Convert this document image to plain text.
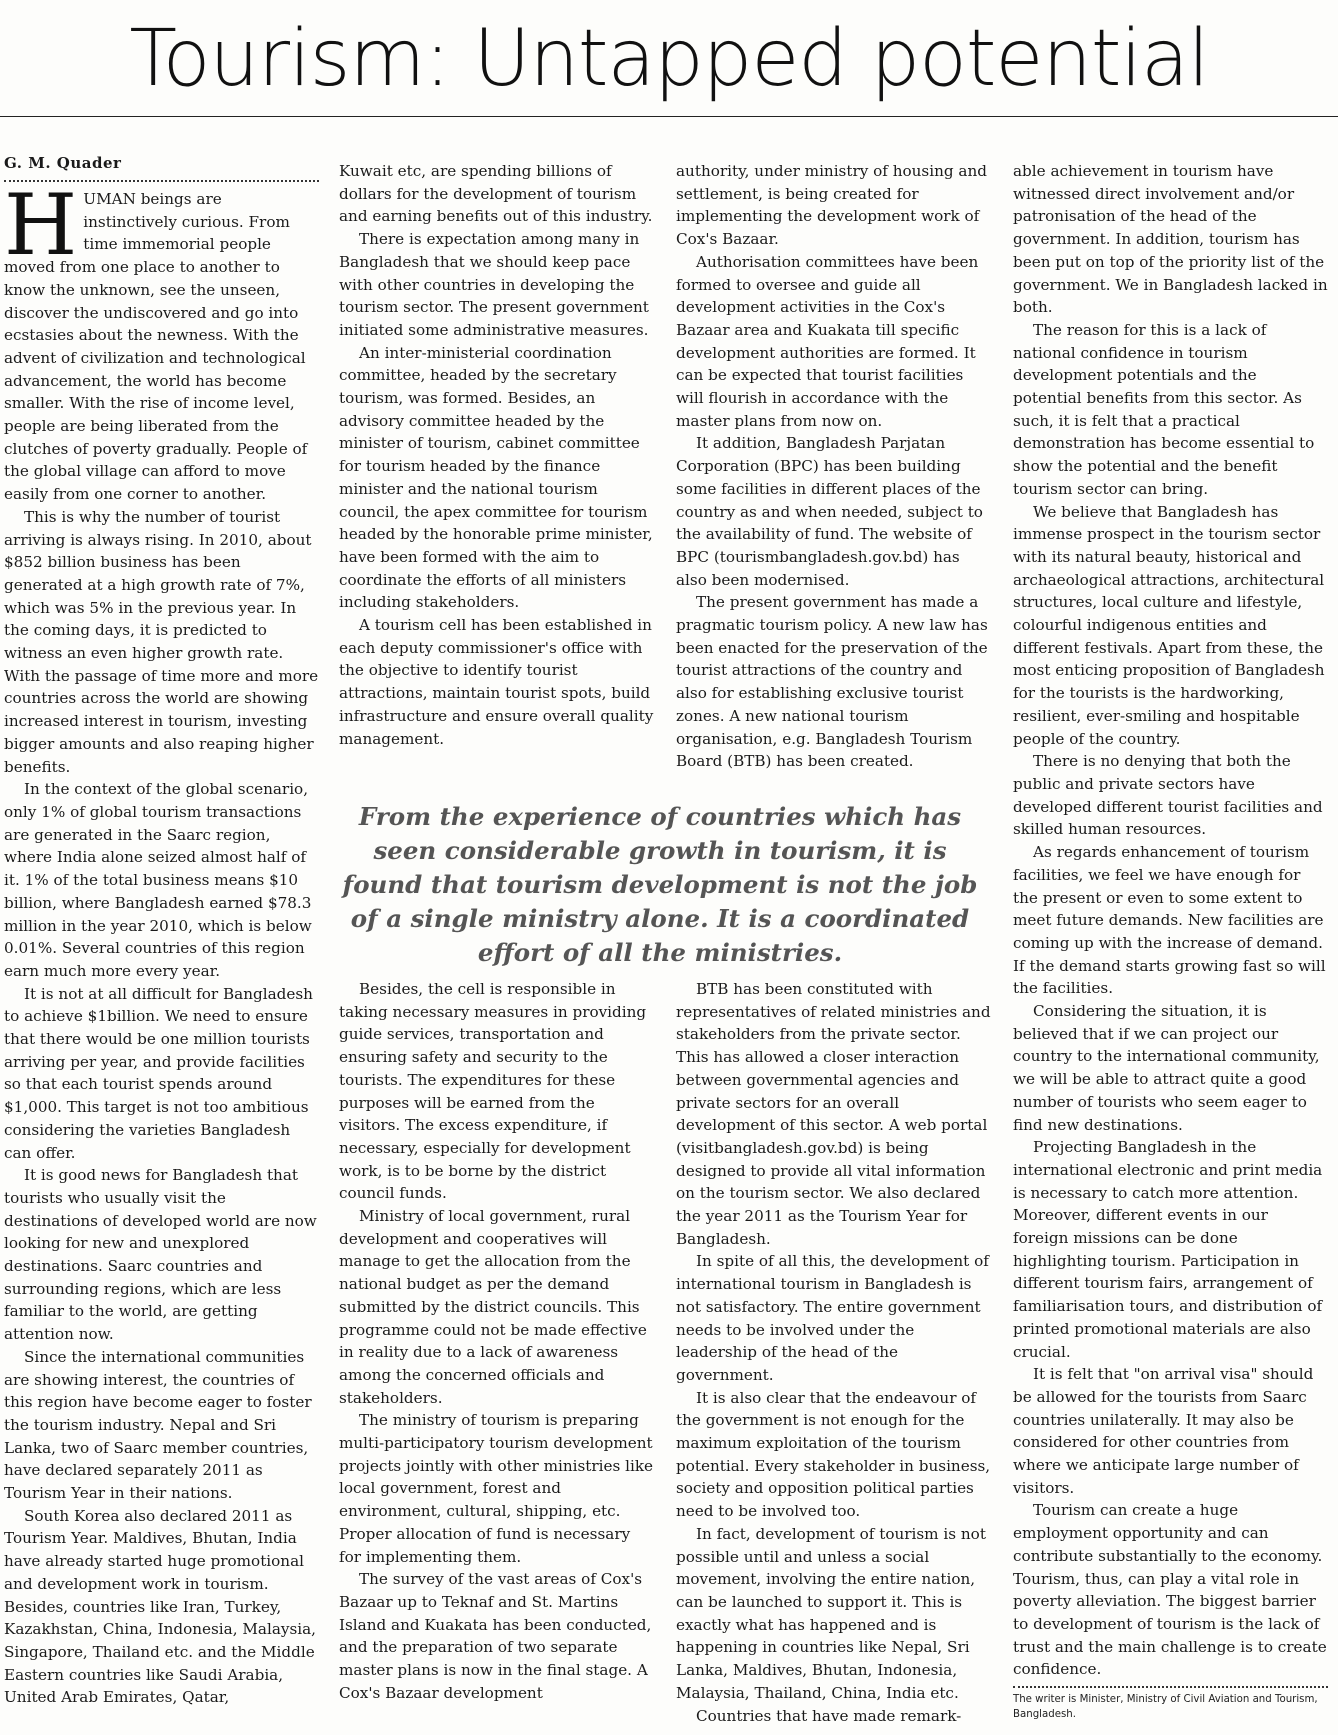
Tourism: Untapped potential
G. M. Quader
H UMAN beings are instinctively curious. From time immemorial people moved from one place to another to know the unknown, see the unseen, discover the undiscovered and go into ecstasies about the newness. With the advent of civilization and technological advancement, the world has become smaller. With the rise of income level, people are being liberated from the clutches of poverty gradually. People of the global village can afford to move easily from one corner to another.

This is why the number of tourist arriving is always rising. In 2010, about $852 billion business has been generated at a high growth rate of 7%, which was 5% in the previous year. In the coming days, it is predicted to witness an even higher growth rate. With the passage of time more and more countries across the world are showing increased interest in tourism, investing bigger amounts and also reaping higher benefits.

In the context of the global scenario, only 1% of global tourism transactions are generated in the Saarc region, where India alone seized almost half of it. 1% of the total business means $10 billion, where Bangladesh earned $78.3 million in the year 2010, which is below 0.01%. Several countries of this region earn much more every year.

It is not at all difficult for Bangladesh to achieve $1billion. We need to ensure that there would be one million tourists arriving per year, and provide facilities so that each tourist spends around $1,000. This target is not too ambitious considering the varieties Bangladesh can offer.

It is good news for Bangladesh that tourists who usually visit the destinations of developed world are now looking for new and unexplored destinations. Saarc countries and surrounding regions, which are less familiar to the world, are getting attention now.

Since the international communities are showing interest, the countries of this region have become eager to foster the tourism industry. Nepal and Sri Lanka, two of Saarc member countries, have declared separately 2011 as Tourism Year in their nations.

South Korea also declared 2011 as Tourism Year. Maldives, Bhutan, India have already started huge promotional and development work in tourism. Besides, countries like Iran, Turkey, Kazakhstan, China, Indonesia, Malaysia, Singapore, Thailand etc. and the Middle Eastern countries like Saudi Arabia, United Arab Emirates, Qatar,

Kuwait etc, are spending billions of dollars for the development of tourism and earning benefits out of this industry.

There is expectation among many in Bangladesh that we should keep pace with other countries in developing the tourism sector. The present government initiated some administrative measures.

An inter-ministerial coordination committee, headed by the secretary tourism, was formed. Besides, an advisory committee headed by the minister of tourism, cabinet committee for tourism headed by the finance minister and the national tourism council, the apex committee for tourism headed by the honorable prime minister, have been formed with the aim to coordinate the efforts of all ministers including stakeholders.

A tourism cell has been established in each deputy commissioner's office with the objective to identify tourist attractions, maintain tourist spots, build infrastructure and ensure overall quality management.

authority, under ministry of housing and settlement, is being created for implementing the development work of Cox's Bazaar.

Authorisation committees have been formed to oversee and guide all development activities in the Cox's Bazaar area and Kuakata till specific development authorities are formed. It can be expected that tourist facilities will flourish in accordance with the master plans from now on.

It addition, Bangladesh Parjatan Corporation (BPC) has been building some facilities in different places of the country as and when needed, subject to the availability of fund. The website of BPC (tourismbangladesh.gov.bd) has also been modernised.

The present government has made a pragmatic tourism policy. A new law has been enacted for the preservation of the tourist attractions of the country and also for establishing exclusive tourist zones. A new national tourism organisation, e.g. Bangladesh Tourism Board (BTB) has been created.

From the experience of countries which has seen considerable growth in tourism, it is found that tourism development is not the job of a single ministry alone. It is a coordinated effort of all the ministries.

Besides, the cell is responsible in taking necessary measures in providing guide services, transportation and ensuring safety and security to the tourists. The expenditures for these purposes will be earned from the visitors. The excess expenditure, if necessary, especially for development work, is to be borne by the district council funds.

Ministry of local government, rural development and cooperatives will manage to get the allocation from the national budget as per the demand submitted by the district councils. This programme could not be made effective in reality due to a lack of awareness among the concerned officials and stakeholders.

The ministry of tourism is preparing multi-participatory tourism development projects jointly with other ministries like local government, forest and environment, cultural, shipping, etc. Proper allocation of fund is necessary for implementing them.

The survey of the vast areas of Cox's Bazaar up to Teknaf and St. Martins Island and Kuakata has been conducted, and the preparation of two separate master plans is now in the final stage. A Cox's Bazaar development

BTB has been constituted with representatives of related ministries and stakeholders from the private sector. This has allowed a closer interaction between governmental agencies and private sectors for an overall development of this sector. A web portal (visitbangladesh.gov.bd) is being designed to provide all vital information on the tourism sector. We also declared the year 2011 as the Tourism Year for Bangladesh.

In spite of all this, the development of international tourism in Bangladesh is not satisfactory. The entire government needs to be involved under the leadership of the head of the government.

It is also clear that the endeavour of the government is not enough for the maximum exploitation of the tourism potential. Every stakeholder in business, society and opposition political parties need to be involved too.

In fact, development of tourism is not possible until and unless a social movement, involving the entire nation, can be launched to support it. This is exactly what has happened and is happening in countries like Nepal, Sri Lanka, Maldives, Bhutan, Indonesia, Malaysia, Thailand, China, India etc.

Countries that have made remark-

able achievement in tourism have witnessed direct involvement and/or patronisation of the head of the government. In addition, tourism has been put on top of the priority list of the government. We in Bangladesh lacked in both.

The reason for this is a lack of national confidence in tourism development potentials and the potential benefits from this sector. As such, it is felt that a practical demonstration has become essential to show the potential and the benefit tourism sector can bring.

We believe that Bangladesh has immense prospect in the tourism sector with its natural beauty, historical and archaeological attractions, architectural structures, local culture and lifestyle, colourful indigenous entities and different festivals. Apart from these, the most enticing proposition of Bangladesh for the tourists is the hardworking, resilient, ever-smiling and hospitable people of the country.

There is no denying that both the public and private sectors have developed different tourist facilities and skilled human resources.

As regards enhancement of tourism facilities, we feel we have enough for the present or even to some extent to meet future demands. New facilities are coming up with the increase of demand. If the demand starts growing fast so will the facilities.

Considering the situation, it is believed that if we can project our country to the international community, we will be able to attract quite a good number of tourists who seem eager to find new destinations.

Projecting Bangladesh in the international electronic and print media is necessary to catch more attention. Moreover, different events in our foreign missions can be done highlighting tourism. Participation in different tourism fairs, arrangement of familiarisation tours, and distribution of printed promotional materials are also crucial.

It is felt that "on arrival visa" should be allowed for the tourists from Saarc countries unilaterally. It may also be considered for other countries from where we anticipate large number of visitors.

Tourism can create a huge employment opportunity and can contribute substantially to the economy. Tourism, thus, can play a vital role in poverty alleviation. The biggest barrier to development of tourism is the lack of trust and the main challenge is to create confidence.

The writer is Minister, Ministry of Civil Aviation and Tourism, Bangladesh.
